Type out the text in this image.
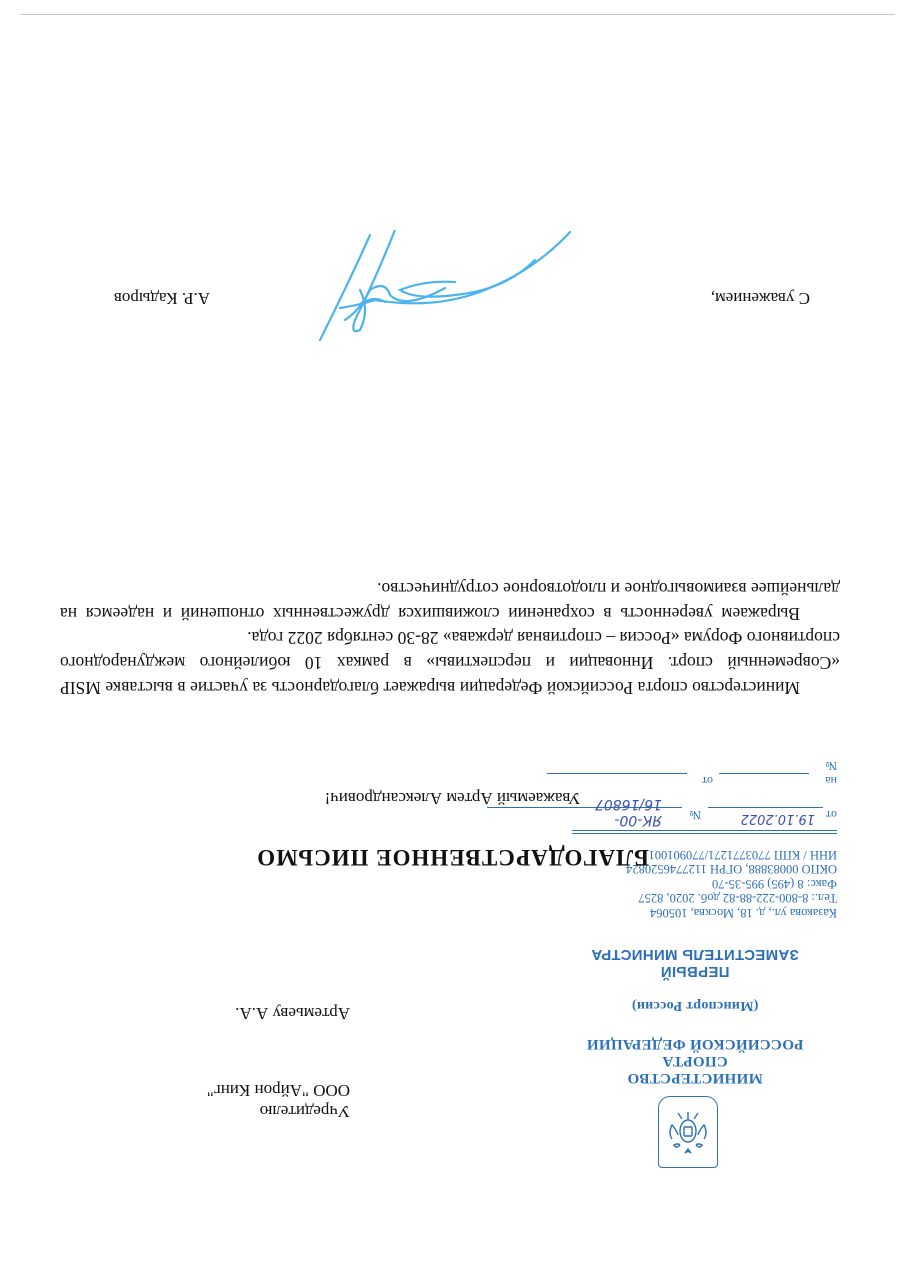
МИНИСТЕРСТВО
СПОРТА
РОССИЙСКОЙ ФЕДЕРАЦИИ
(Минспорт России)
ПЕРВЫЙ
ЗАМЕСТИТЕЛЬ МИНИСТРА
Казакова ул., д. 18, Москва, 105064
Тел.: 8-800-222-88-82 доб. 2020, 8257
Факс: 8 (495) 995-35-70
ОКПО 00083888, ОГРН 1127746520824
ИНН / КПП 7703771271/770901001
от
19.10.2022
№
ЯК-00-16/16807
на №
от
Учредителю
ООО "Айрон Кинг"
Артемьеву А.А.
БЛАГОДАРСТВЕННОЕ ПИСЬМО
Уважаемый Артем Александрович!

Министерство спорта Российской Федерации выражает благодарность за участие в выставке MSIP «Современный спорт. Инновации и перспективы» в рамках 10 юбилейного международного спортивного Форума «Россия – спортивная держава» 28-30 сентября 2022 года.

Выражаем уверенность в сохранении сложившихся дружественных отношений и надеемся на дальнейшее взаимовыгодное и плодотворное сотрудничество.

С уважением,
А.Р. Кадыров
